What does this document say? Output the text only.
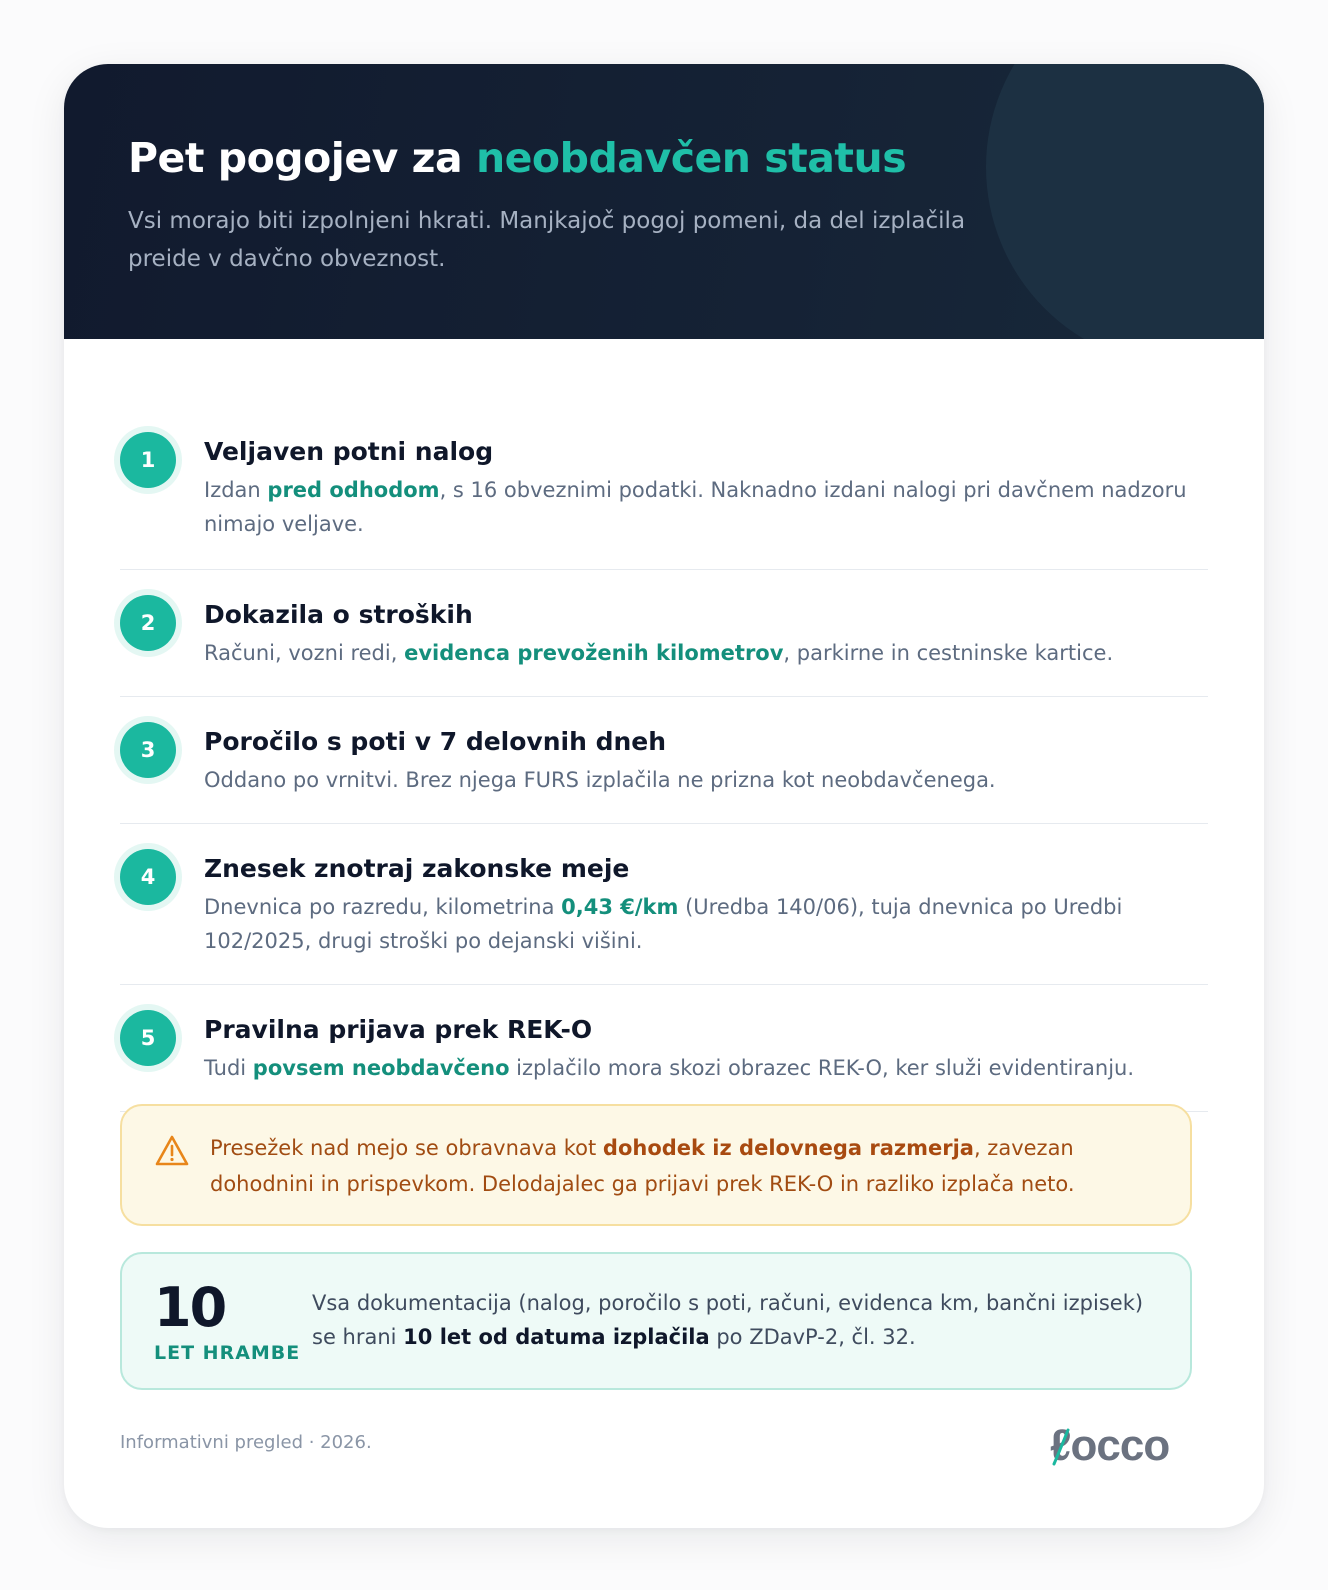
Pet pogojev za neobdavčen status

Vsi morajo biti izpolnjeni hkrati. Manjkajoč pogoj pomeni, da del izplačila preide v davčno obveznost.

1	Veljaven potni nalog

Izdan pred odhodom, s 16 obveznimi podatki. Naknadno izdani nalogi pri davčnem nadzoru nimajo veljave.

2	Dokazila o stroških

Računi, vozni redi, evidenca prevoženih kilometrov, parkirne in cestninske kartice.

3	Poročilo s poti v 7 delovnih dneh

Oddano po vrnitvi. Brez njega FURS izplačila ne prizna kot neobdavčenega.

4	Znesek znotraj zakonske meje

Dnevnica po razredu, kilometrina 0,43 €/km (Uredba 140/06), tuja dnevnica po Uredbi 102/2025, drugi stroški po dejanski višini.

5	Pravilna prijava prek REK-O

Tudi povsem neobdavčeno izplačilo mora skozi obrazec REK-O, ker služi evidentiranju.

Presežek nad mejo se obravnava kot dohodek iz delovnega razmerja, zavezan dohodnini in prispevkom. Delodajalec ga prijavi prek REK-O in razliko izplača neto.

10
LET HRAMBE

Vsa dokumentacija (nalog, poročilo s poti, računi, evidenca km, bančni izpisek) se hrani 10 let od datuma izplačila po ZDavP-2, čl. 32.

Informativni pregled · 2026.	ℓocco
